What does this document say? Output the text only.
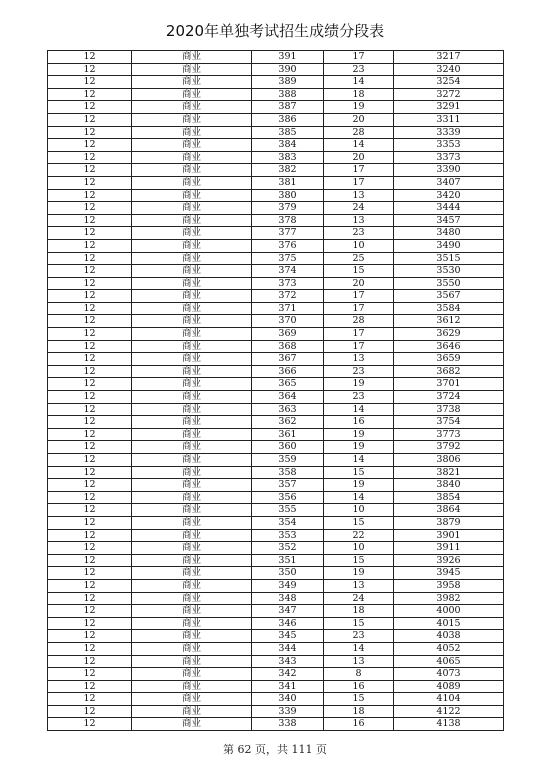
2020年单独考试招生成绩分段表
12	商业	391	17	3217
12	商业	390	23	3240
12	商业	389	14	3254
12	商业	388	18	3272
12	商业	387	19	3291
12	商业	386	20	3311
12	商业	385	28	3339
12	商业	384	14	3353
12	商业	383	20	3373
12	商业	382	17	3390
12	商业	381	17	3407
12	商业	380	13	3420
12	商业	379	24	3444
12	商业	378	13	3457
12	商业	377	23	3480
12	商业	376	10	3490
12	商业	375	25	3515
12	商业	374	15	3530
12	商业	373	20	3550
12	商业	372	17	3567
12	商业	371	17	3584
12	商业	370	28	3612
12	商业	369	17	3629
12	商业	368	17	3646
12	商业	367	13	3659
12	商业	366	23	3682
12	商业	365	19	3701
12	商业	364	23	3724
12	商业	363	14	3738
12	商业	362	16	3754
12	商业	361	19	3773
12	商业	360	19	3792
12	商业	359	14	3806
12	商业	358	15	3821
12	商业	357	19	3840
12	商业	356	14	3854
12	商业	355	10	3864
12	商业	354	15	3879
12	商业	353	22	3901
12	商业	352	10	3911
12	商业	351	15	3926
12	商业	350	19	3945
12	商业	349	13	3958
12	商业	348	24	3982
12	商业	347	18	4000
12	商业	346	15	4015
12	商业	345	23	4038
12	商业	344	14	4052
12	商业	343	13	4065
12	商业	342	8	4073
12	商业	341	16	4089
12	商业	340	15	4104
12	商业	339	18	4122
12	商业	338	16	4138
第 62 页，共 111 页
